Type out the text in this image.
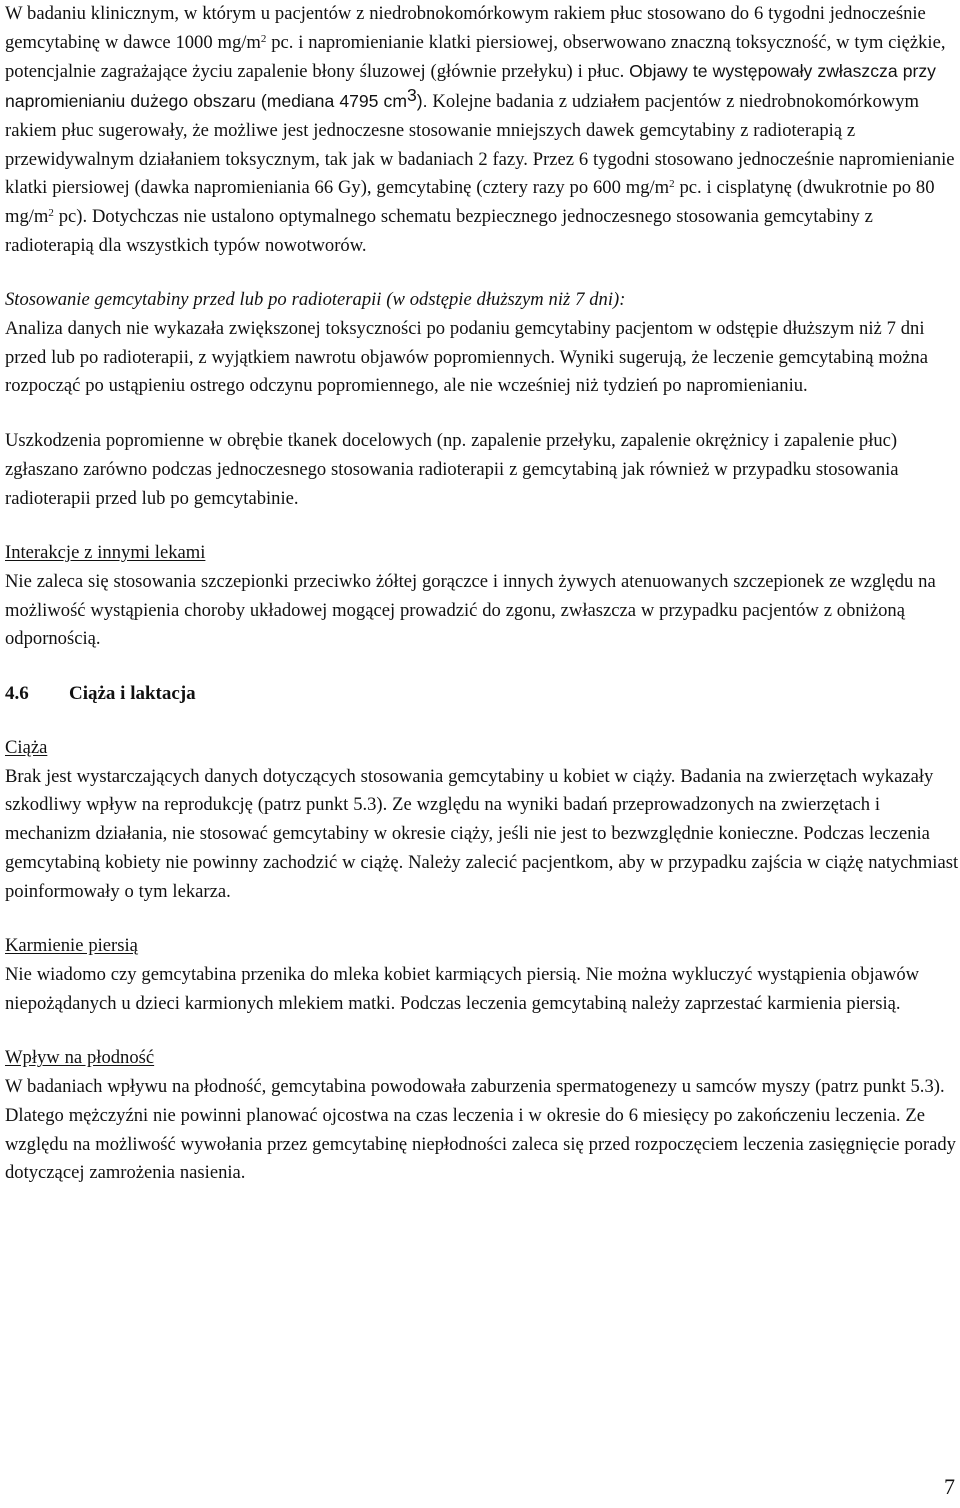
W badaniu klinicznym, w którym u pacjentów z niedrobnokomórkowym rakiem płuc stosowano do 6 tygodni jednocześnie gemcytabinę w dawce 1000 $mg/m^2$ pc. i napromienianie klatki piersiowej, obserwowano znaczną toksyczność, w tym ciężkie, potencjalnie zagrażające życiu zapalenie błony śluzowej (głównie przełyku) i płuc. Objawy te występowały zwłaszcza przy napromienianiu dużego obszaru (mediana 4795 $cm^3$). Kolejne badania z udziałem pacjentów z niedrobnokomórkowym rakiem płuc sugerowały, że możliwe jest jednoczesne stosowanie mniejszych dawek gemcytabiny z radioterapią z przewidywalnym działaniem toksycznym, tak jak w badaniach 2 fazy. Przez 6 tygodni stosowano jednocześnie napromienianie klatki piersiowej (dawka napromieniania 66 Gy), gemcytabinę (cztery razy po 600 $mg/m^2$ pc. i cisplatynę (dwukrotnie po 80 $mg/m^2$ pc). Dotychczas nie ustalono optymalnego schematu bezpiecznego jednoczesnego stosowania gemcytabiny z radioterapią dla wszystkich typów nowotworów.

Stosowanie gemcytabiny przed lub po radioterapii (w odstępie dłuższym niż 7 dni):

Analiza danych nie wykazała zwiększonej toksyczności po podaniu gemcytabiny pacjentom w odstępie dłuższym niż 7 dni przed lub po radioterapii, z wyjątkiem nawrotu objawów popromiennych. Wyniki sugerują, że leczenie gemcytabiną można rozpocząć po ustąpieniu ostrego odczynu popromiennego, ale nie wcześniej niż tydzień po napromienianiu.

Uszkodzenia popromienne w obrębie tkanek docelowych (np. zapalenie przełyku, zapalenie okrężnicy i zapalenie płuc) zgłaszano zarówno podczas jednoczesnego stosowania radioterapii z gemcytabiną jak również w przypadku stosowania radioterapii przed lub po gemcytabinie.

Interakcje z innymi lekami

Nie zaleca się stosowania szczepionki przeciwko żółtej gorączce i innych żywych atenuowanych szczepionek ze względu na możliwość wystąpienia choroby układowej mogącej prowadzić do zgonu, zwłaszcza w przypadku pacjentów z obniżoną odpornością.

4.6 Ciąża i laktacja

Ciąża

Brak jest wystarczających danych dotyczących stosowania gemcytabiny u kobiet w ciąży. Badania na zwierzętach wykazały szkodliwy wpływ na reprodukcję (patrz punkt 5.3). Ze względu na wyniki badań przeprowadzonych na zwierzętach i mechanizm działania, nie stosować gemcytabiny w okresie ciąży, jeśli nie jest to bezwzględnie konieczne. Podczas leczenia gemcytabiną kobiety nie powinny zachodzić w ciążę. Należy zalecić pacjentkom, aby w przypadku zajścia w ciążę natychmiast poinformowały o tym lekarza.

Karmienie piersią

Nie wiadomo czy gemcytabina przenika do mleka kobiet karmiących piersią. Nie można wykluczyć wystąpienia objawów niepożądanych u dzieci karmionych mlekiem matki. Podczas leczenia gemcytabiną należy zaprzestać karmienia piersią.

Wpływ na płodność

W badaniach wpływu na płodność, gemcytabina powodowała zaburzenia spermatogenezy u samców myszy (patrz punkt 5.3). Dlatego mężczyźni nie powinni planować ojcostwa na czas leczenia i w okresie do 6 miesięcy po zakończeniu leczenia. Ze względu na możliwość wywołania przez gemcytabinę niepłodności zaleca się przed rozpoczęciem leczenia zasięgnięcie porady dotyczącej zamrożenia nasienia.

7
